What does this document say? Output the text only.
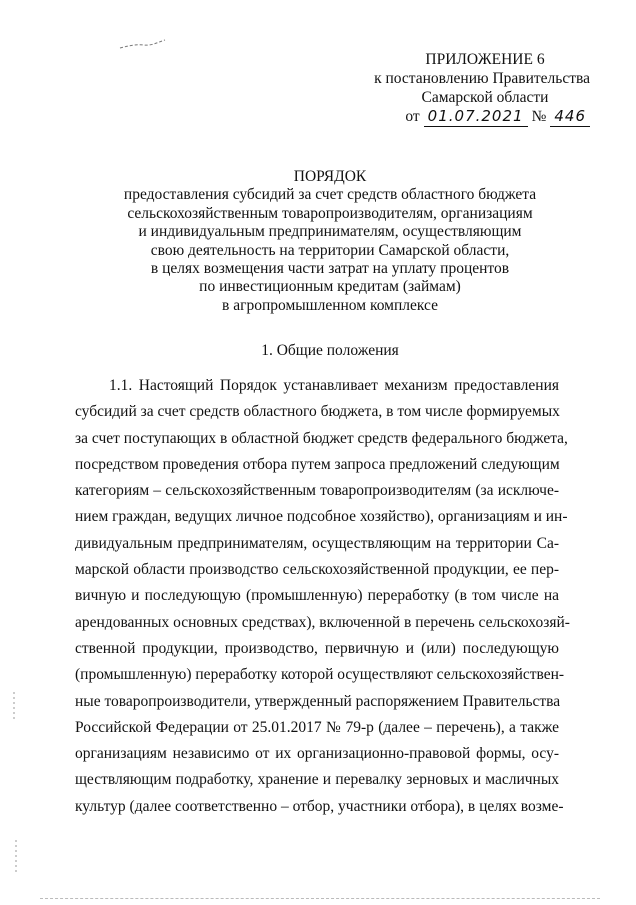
ПРИЛОЖЕНИЕ 6
к постановлению Правительства
Самарской области
от 01.07.2021 № 446
ПОРЯДОК
предоставления субсидий за счет средств областного бюджета
сельскохозяйственным товаропроизводителям, организациям
и индивидуальным предпринимателям, осуществляющим
свою деятельность на территории Самарской области,
в целях возмещения части затрат на уплату процентов
по инвестиционным кредитам (займам)
в агропромышленном комплексе
1. Общие положения
1.1. Настоящий Порядок устанавливает механизм предоставления
субсидий за счет средств областного бюджета, в том числе формируемых
за счет поступающих в областной бюджет средств федерального бюджета,
посредством проведения отбора путем запроса предложений следующим
категориям – сельскохозяйственным товаропроизводителям (за исключе-
нием граждан, ведущих личное подсобное хозяйство), организациям и ин-
дивидуальным предпринимателям, осуществляющим на территории Са-
марской области производство сельскохозяйственной продукции, ее пер-
вичную и последующую (промышленную) переработку (в том числе на
арендованных основных средствах), включенной в перечень сельскохозяй-
ственной продукции, производство, первичную и (или) последующую
(промышленную) переработку которой осуществляют сельскохозяйствен-
ные товаропроизводители, утвержденный распоряжением Правительства
Российской Федерации от 25.01.2017 № 79-р (далее – перечень), а также
организациям независимо от их организационно-правовой формы, осу-
ществляющим подработку, хранение и перевалку зерновых и масличных
культур (далее соответственно – отбор, участники отбора), в целях возме-
